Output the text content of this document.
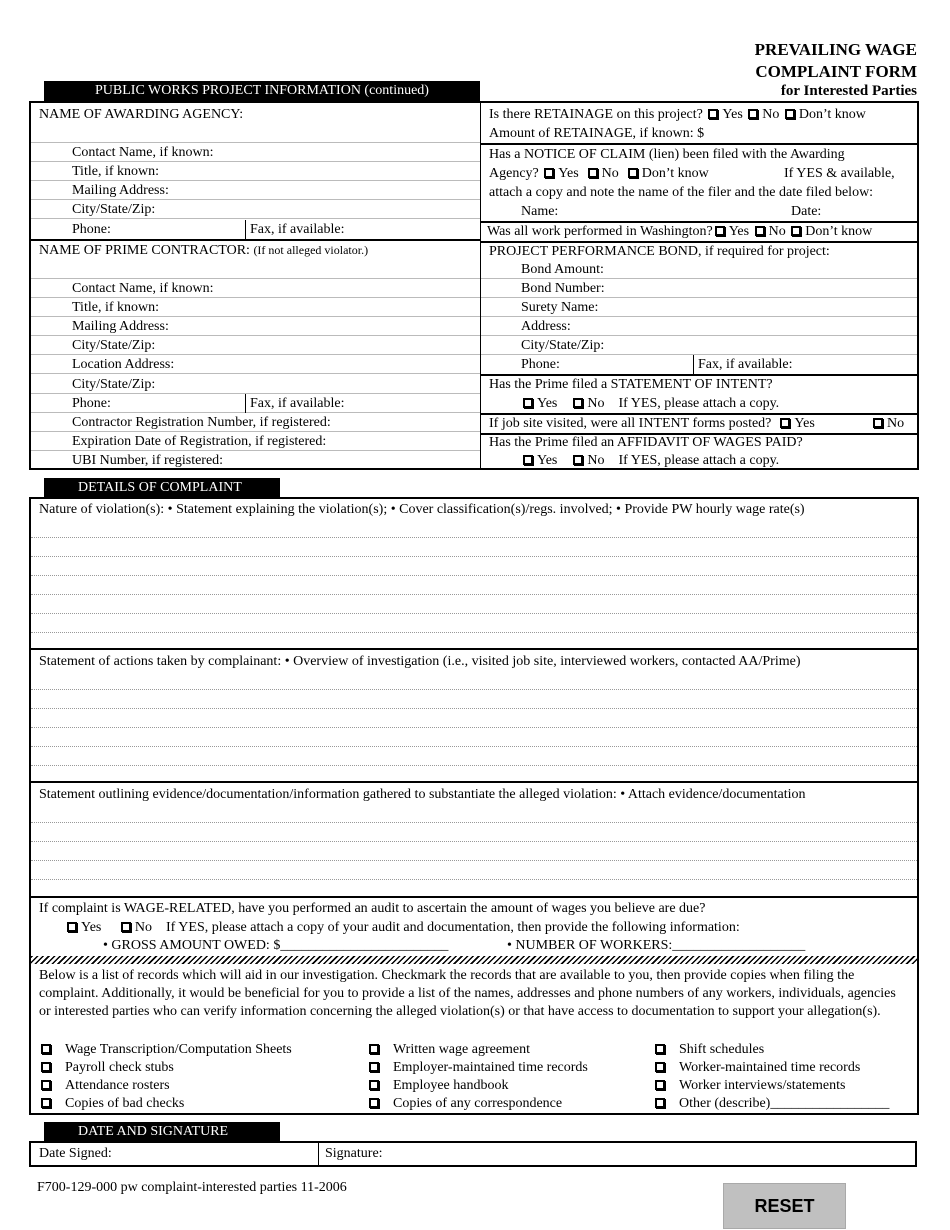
PREVAILING WAGE
COMPLAINT FORM
for Interested Parties
PUBLIC WORKS PROJECT INFORMATION (continued)
NAME OF AWARDING AGENCY:
Contact Name, if known:
Title, if known:
Mailing Address:
City/State/Zip:
Phone:	Fax, if available:
NAME OF PRIME CONTRACTOR: (If not alleged violator.)
Contact Name, if known:
Title, if known:
Mailing Address:
City/State/Zip:
Location Address:
City/State/Zip:
Phone:	Fax, if available:
Contractor Registration Number, if registered:
Expiration Date of Registration, if registered:
UBI Number, if registered:
Is there RETAINAGE on this project? Yes No Don’t know
Amount of RETAINAGE, if known: $
Has a NOTICE OF CLAIM (lien) been filed with the Awarding
Agency? Yes No Don’t know	If YES & available,
attach a copy and note the name of the filer and the date filed below:
Name:	Date:
Was all work performed in Washington? Yes No Don’t know
PROJECT PERFORMANCE BOND, if required for project:
Bond Amount:
Bond Number:
Surety Name:
Address:
City/State/Zip:
Phone:	Fax, if available:
Has the Prime filed a STATEMENT OF INTENT?
Yes No If YES, please attach a copy.
If job site visited, were all INTENT forms posted? Yes	No
Has the Prime filed an AFFIDAVIT OF WAGES PAID?
Yes No If YES, please attach a copy.
DETAILS OF COMPLAINT
Nature of violation(s): • Statement explaining the violation(s); • Cover classification(s)/regs. involved; • Provide PW hourly wage rate(s)
Statement of actions taken by complainant: • Overview of investigation (i.e., visited job site, interviewed workers, contacted AA/Prime)
Statement outlining evidence/documentation/information gathered to substantiate the alleged violation: • Attach evidence/documentation
If complaint is WAGE-RELATED, have you performed an audit to ascertain the amount of wages you believe are due?
Yes No If YES, please attach a copy of your audit and documentation, then provide the following information:
• GROSS AMOUNT OWED: $________________________	• NUMBER OF WORKERS:___________________
Below is a list of records which will aid in our investigation. Checkmark the records that are available to you, then provide copies when filing the complaint. Additionally, it would be beneficial for you to provide a list of the names, addresses and phone numbers of any workers, individuals, agencies or interested parties who can verify information concerning the alleged violation(s) or that have access to documentation to support your allegation(s).
Wage Transcription/Computation Sheets	Written wage agreement	Shift schedules
Payroll check stubs	Employer-maintained time records	Worker-maintained time records
Attendance rosters	Employee handbook	Worker interviews/statements
Copies of bad checks	Copies of any correspondence	Other (describe)_________________
DATE AND SIGNATURE
Date Signed:	Signature:
F700-129-000 pw complaint-interested parties 11-2006
RESET
